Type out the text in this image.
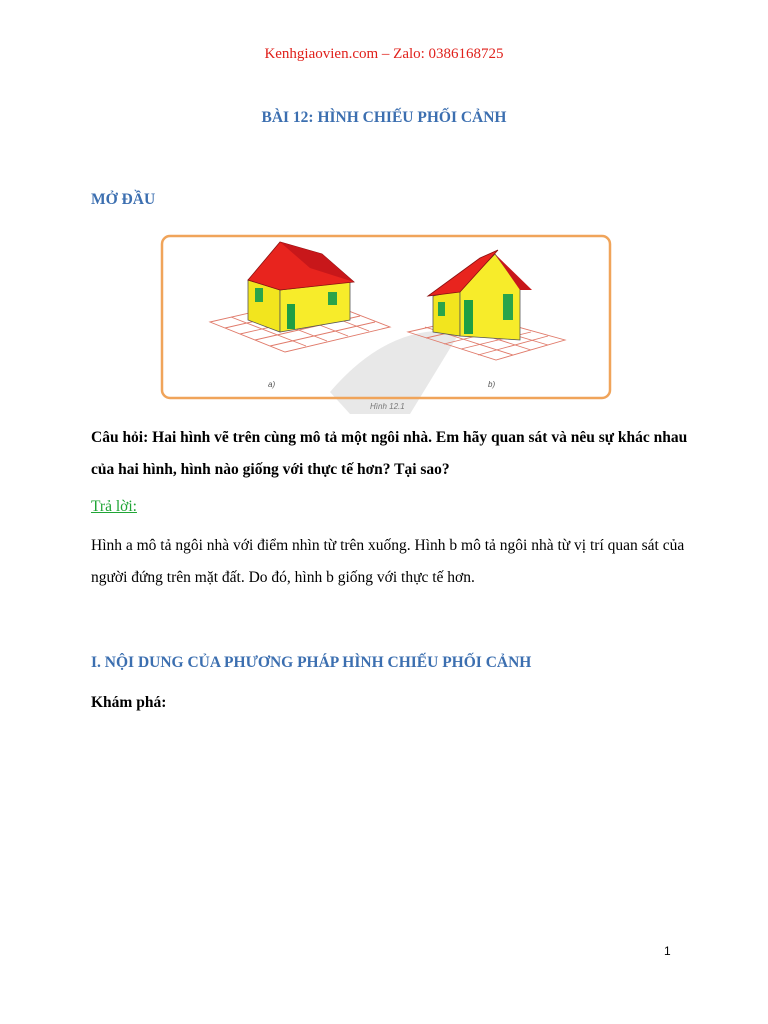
Kenhgiaovien.com – Zalo: 0386168725
BÀI 12: HÌNH CHIẾU PHỐI CẢNH
MỞ ĐẦU
a)	b)
Hình 12.1
Câu hỏi: Hai hình vẽ trên cùng mô tả một ngôi nhà. Em hãy quan sát và nêu sự khác nhau của hai hình, hình nào giống với thực tế hơn? Tại sao?
Trả lời:
Hình a mô tả ngôi nhà với điểm nhìn từ trên xuống. Hình b mô tả ngôi nhà từ vị trí quan sát của người đứng trên mặt đất. Do đó, hình b giống với thực tế hơn.
I. NỘI DUNG CỦA PHƯƠNG PHÁP HÌNH CHIẾU PHỐI CẢNH
Khám phá:
1
